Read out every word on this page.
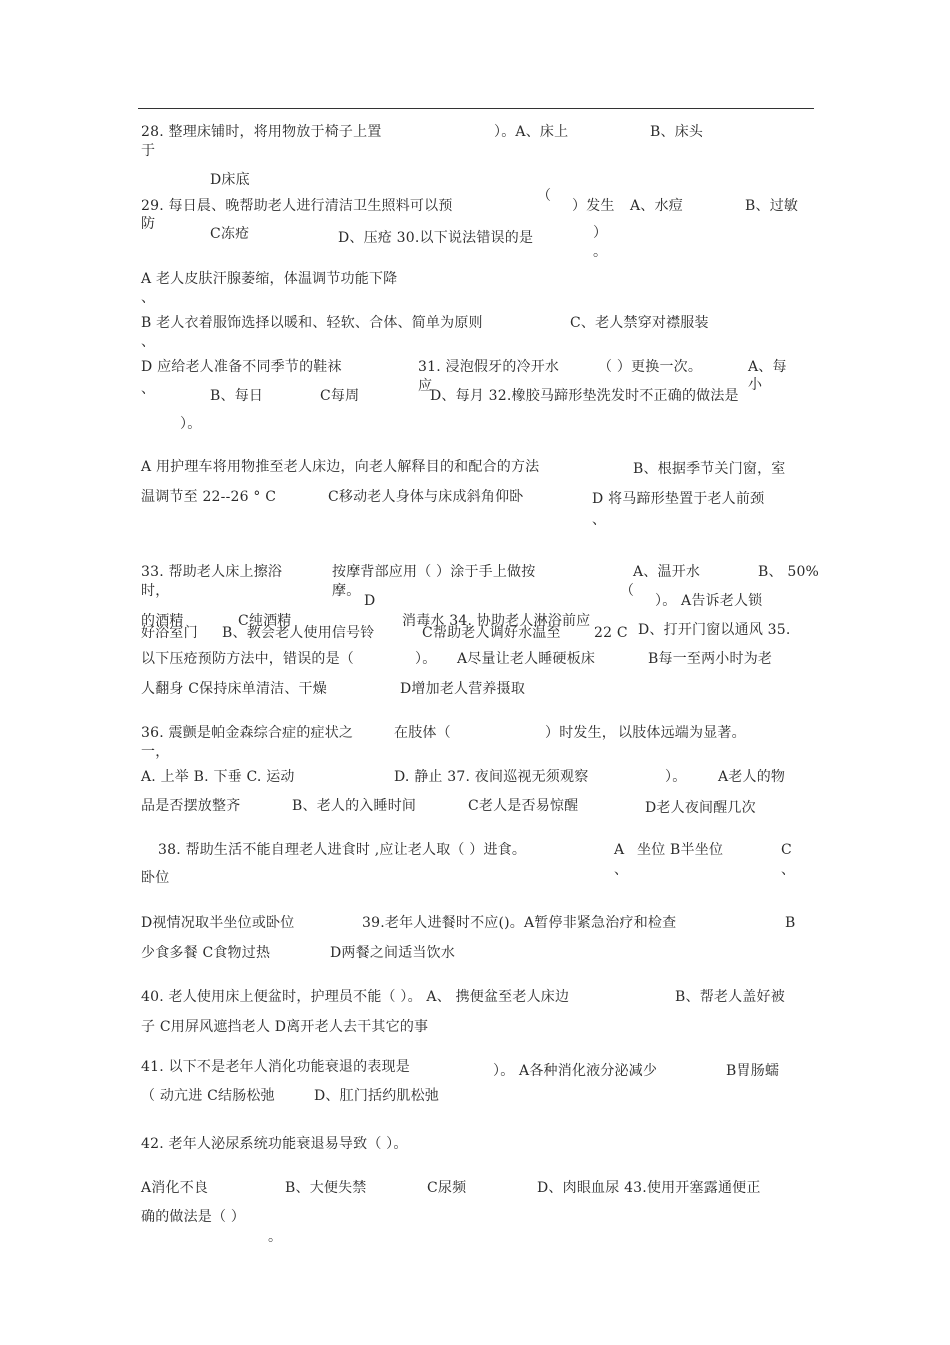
28. 整理床铺时，将用物放于椅子上置	）。A、床上	B、床头
于
D床底
29. 每日晨、晚帮助老人进行清洁卫生照料可以预
（
）发生 A、水痘	B、过敏
防
C冻疮	D、压疮 30.以下说法错误的是	）
。
A 老人皮肤汗腺萎缩，体温调节功能下降
、
B 老人衣着服饰选择以暖和、轻软、合体、简单为原则	C、老人禁穿对襟服装
、
D 应给老人准备不同季节的鞋袜	31. 浸泡假牙的冷开水	（ ）更换一次。	A、每
、	B、每日	C每周
应
D、每月 32.橡胶马蹄形垫洗发时不正确的做法是
小
）。
A 用护理车将用物推至老人床边，向老人解释目的和配合的方法	B、根据季节关门窗，室
温调节至 22--26 ° C	C移动老人身体与床成斜角仰卧	D 将马蹄形垫置于老人前颈
、
33. 帮助老人床上擦浴	按摩背部应用（ ）涂于手上做按	A、温开水	B、 50%
时，	摩。
D
（
）。 A告诉老人锁
的酒精	C纯酒精	消毒水 34. 协助老人淋浴前应
好浴室门 B、教会老人使用信号铃	C帮助老人调好水温至 22 C D、打开门窗以通风 35.
以下压疮预防方法中，错误的是（	）。 A尽量让老人睡硬板床	B每一至两小时为老
人翻身 C保持床单清洁、干燥	D增加老人营养摄取
36. 震颤是帕金森综合症的症状之	在肢体（	）时发生， 以肢体远端为显著。
一，
A. 上举 B. 下垂 C. 运动	D. 静止 37. 夜间巡视无须观察	）。 A老人的物
品是否摆放整齐	B、老人的入睡时间	C老人是否易惊醒	D老人夜间醒几次
38. 帮助生活不能自理老人进食时 ,应让老人取（ ）进食。	A 坐位 B半坐位	C
、	、
卧位
D视情况取半坐位或卧位	39.老年人进餐时不应()。A暂停非紧急治疗和检查	B
少食多餐 C食物过热	D两餐之间适当饮水
40. 老人使用床上便盆时，护理员不能（ ）。 A、 携便盆至老人床边	B、帮老人盖好被
子 C用屏风遮挡老人 D离开老人去干其它的事
41. 以下不是老年人消化功能衰退的表现是	）。 A各种消化液分泌减少	B胃肠蠕
（ 动亢进 C结肠松弛	D、肛门括约肌松弛
42. 老年人泌尿系统功能衰退易导致（ ）。
A消化不良	B、大便失禁	C尿频	D、肉眼血尿 43.使用开塞露通便正
确的做法是（ ）
。
